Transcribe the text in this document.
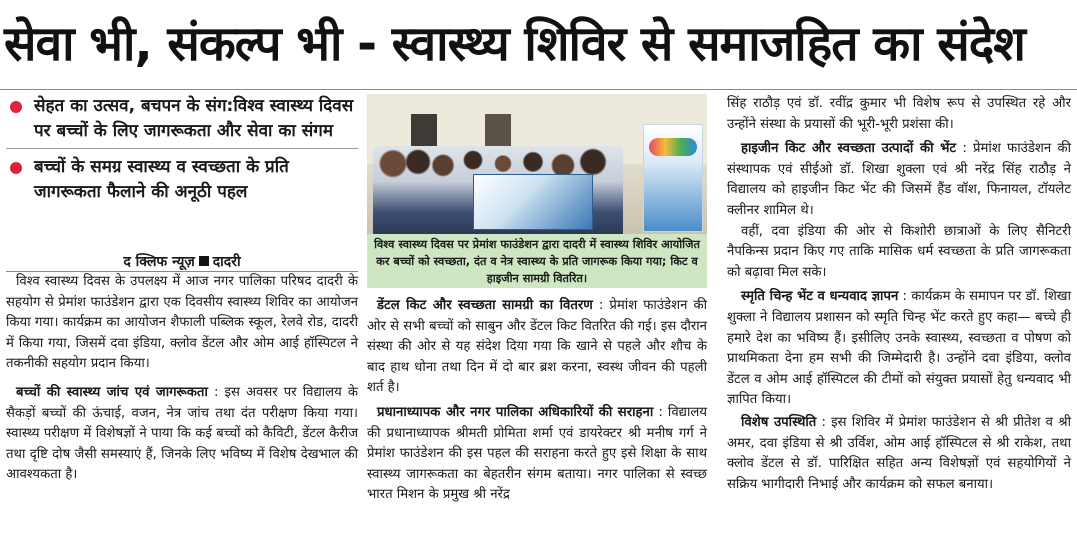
सेवा भी, संकल्प भी - स्वास्थ्य शिविर से समाजहित का संदेश
सेहत का उत्सव, बचपन के संग:विश्व स्वास्थ्य दिवस पर बच्चों के लिए जागरूकता और सेवा का संगम
बच्चों के समग्र स्वास्थ्य व स्वच्छता के प्रति जागरूकता फैलाने की अनूठी पहल
द क्लिफ न्यूज़ दादरी

विश्व स्वास्थ्य दिवस के उपलक्ष्य में आज नगर पालिका परिषद दादरी के सहयोग से प्रेमांश फाउंडेशन द्वारा एक दिवसीय स्वास्थ्य शिविर का आयोजन किया गया। कार्यक्रम का आयोजन शैफाली पब्लिक स्कूल, रेलवे रोड, दादरी में किया गया, जिसमें दवा इंडिया, क्लोव डेंटल और ओम आई हॉस्पिटल ने तकनीकी सहयोग प्रदान किया।

बच्चों की स्वास्थ्य जांच एवं जागरूकता : इस अवसर पर विद्यालय के सैकड़ों बच्चों की ऊंचाई, वजन, नेत्र जांच तथा दंत परीक्षण किया गया। स्वास्थ्य परीक्षण में विशेषज्ञों ने पाया कि कई बच्चों को कैविटी, डेंटल कैरीज तथा दृष्टि दोष जैसी समस्याएं हैं, जिनके लिए भविष्य में विशेष देखभाल की आवश्यकता है।

विश्व स्वास्थ्य दिवस पर प्रेमांश फाउंडेशन द्वारा दादरी में स्वास्थ्य शिविर आयोजित कर बच्चों को स्वच्छता, दंत व नेत्र स्वास्थ्य के प्रति जागरूक किया गया; किट व हाइजीन सामग्री वितरित।

डेंटल किट और स्वच्छता सामग्री का वितरण : प्रेमांश फाउंडेशन की ओर से सभी बच्चों को साबुन और डेंटल किट वितरित की गई। इस दौरान संस्था की ओर से यह संदेश दिया गया कि खाने से पहले और शौच के बाद हाथ धोना तथा दिन में दो बार ब्रश करना, स्वस्थ जीवन की पहली शर्त है।

प्रधानाध्यापक और नगर पालिका अधिकारियों की सराहना : विद्यालय की प्रधानाध्यापक श्रीमती प्रोमिता शर्मा एवं डायरेक्टर श्री मनीष गर्ग ने प्रेमांश फाउंडेशन की इस पहल की सराहना करते हुए इसे शिक्षा के साथ स्वास्थ्य जागरूकता का बेहतरीन संगम बताया। नगर पालिका से स्वच्छ भारत मिशन के प्रमुख श्री नरेंद्र

सिंह राठौड़ एवं डॉ. रवींद्र कुमार भी विशेष रूप से उपस्थित रहे और उन्होंने संस्था के प्रयासों की भूरी-भूरी प्रशंसा की।

हाइजीन किट और स्वच्छता उत्पादों की भेंट : प्रेमांश फाउंडेशन की संस्थापक एवं सीईओ डॉ. शिखा शुक्ला एवं श्री नरेंद्र सिंह राठौड़ ने विद्यालय को हाइजीन किट भेंट की जिसमें हैंड वॉश, फिनायल, टॉयलेट क्लीनर शामिल थे।

वहीं, दवा इंडिया की ओर से किशोरी छात्राओं के लिए सैनिटरी नैपकिन्स प्रदान किए गए ताकि मासिक धर्म स्वच्छता के प्रति जागरूकता को बढ़ावा मिल सके।

स्मृति चिन्ह भेंट व धन्यवाद ज्ञापन : कार्यक्रम के समापन पर डॉ. शिखा शुक्ला ने विद्यालय प्रशासन को स्मृति चिन्ह भेंट करते हुए कहा— बच्चे ही हमारे देश का भविष्य हैं। इसीलिए उनके स्वास्थ्य, स्वच्छता व पोषण को प्राथमिकता देना हम सभी की जिम्मेदारी है। उन्होंने दवा इंडिया, क्लोव डेंटल व ओम आई हॉस्पिटल की टीमों को संयुक्त प्रयासों हेतु धन्यवाद भी ज्ञापित किया।

विशेष उपस्थिति : इस शिविर में प्रेमांश फाउंडेशन से श्री प्रीतेश व श्री अमर, दवा इंडिया से श्री उर्विश, ओम आई हॉस्पिटल से श्री राकेश, तथा क्लोव डेंटल से डॉ. पारिक्षित सहित अन्य विशेषज्ञों एवं सहयोगियों ने सक्रिय भागीदारी निभाई और कार्यक्रम को सफल बनाया।
